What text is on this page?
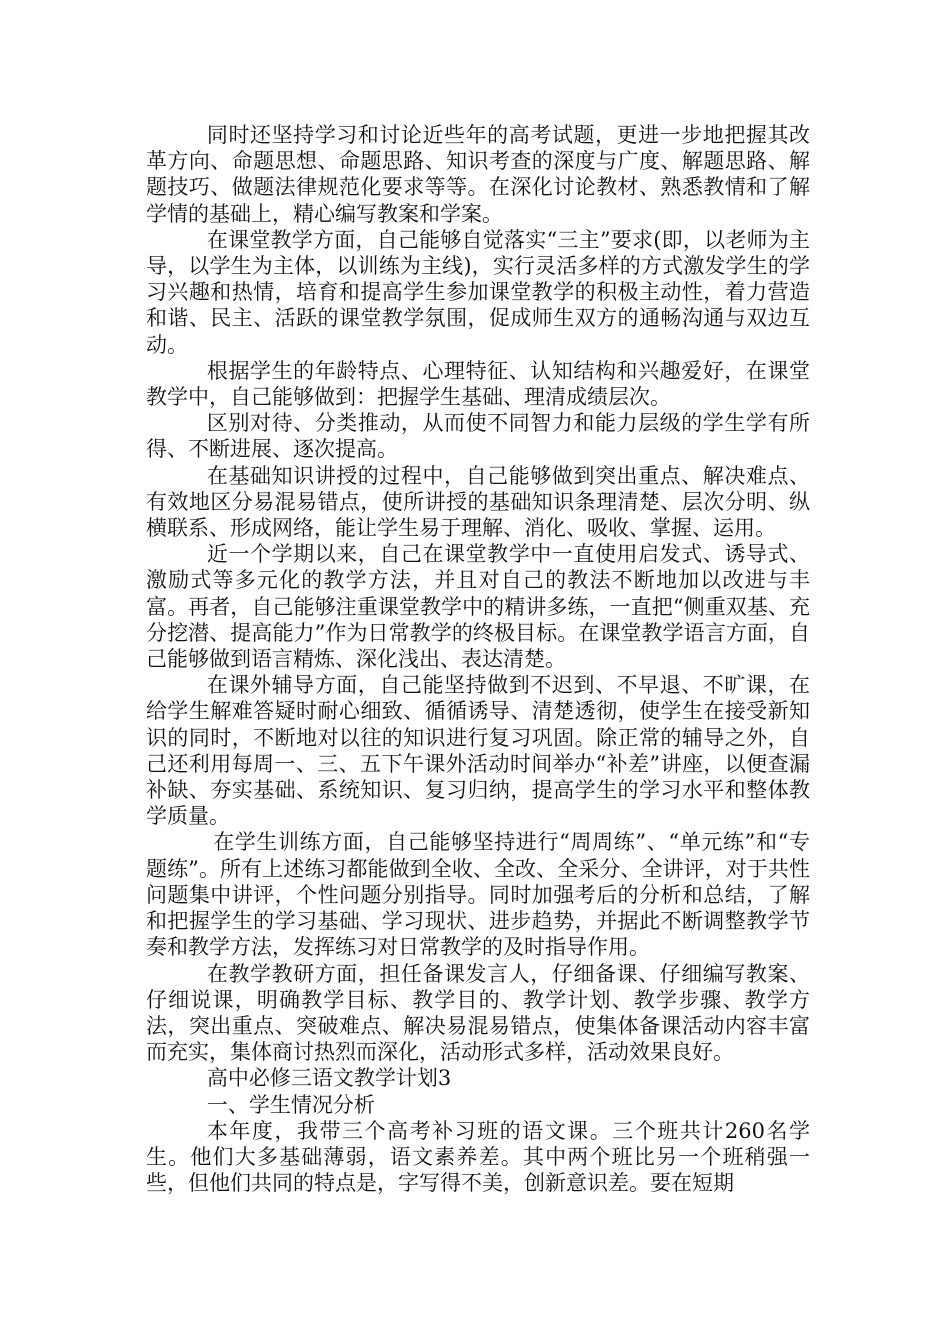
同时还坚持学习和讨论近些年的高考试题，更进一步地把握其改革方向、命题思想、命题思路、知识考查的深度与广度、解题思路、解题技巧、做题法律规范化要求等等。在深化讨论教材、熟悉教情和了解学情的基础上，精心编写教案和学案。

在课堂教学方面，自己能够自觉落实“三主”要求(即，以老师为主导，以学生为主体，以训练为主线)，实行灵活多样的方式激发学生的学习兴趣和热情，培育和提高学生参加课堂教学的积极主动性，着力营造和谐、民主、活跃的课堂教学氛围，促成师生双方的通畅沟通与双边互动。

根据学生的年龄特点、心理特征、认知结构和兴趣爱好，在课堂教学中，自己能够做到：把握学生基础、理清成绩层次。

区别对待、分类推动，从而使不同智力和能力层级的学生学有所得、不断进展、逐次提高。

在基础知识讲授的过程中，自己能够做到突出重点、解决难点、有效地区分易混易错点，使所讲授的基础知识条理清楚、层次分明、纵横联系、形成网络，能让学生易于理解、消化、吸收、掌握、运用。

近一个学期以来，自己在课堂教学中一直使用启发式、诱导式、激励式等多元化的教学方法，并且对自己的教法不断地加以改进与丰富。再者，自己能够注重课堂教学中的精讲多练，一直把“侧重双基、充分挖潜、提高能力”作为日常教学的终极目标。在课堂教学语言方面，自己能够做到语言精炼、深化浅出、表达清楚。

在课外辅导方面，自己能坚持做到不迟到、不早退、不旷课，在给学生解难答疑时耐心细致、循循诱导、清楚透彻，使学生在接受新知识的同时，不断地对以往的知识进行复习巩固。除正常的辅导之外，自己还利用每周一、三、五下午课外活动时间举办“补差”讲座，以便查漏补缺、夯实基础、系统知识、复习归纳，提高学生的学习水平和整体教学质量。

在学生训练方面，自己能够坚持进行“周周练”、“单元练”和“专题练”。所有上述练习都能做到全收、全改、全采分、全讲评，对于共性问题集中讲评，个性问题分别指导。同时加强考后的分析和总结，了解和把握学生的学习基础、学习现状、进步趋势，并据此不断调整教学节奏和教学方法，发挥练习对日常教学的及时指导作用。

在教学教研方面，担任备课发言人，仔细备课、仔细编写教案、仔细说课，明确教学目标、教学目的、教学计划、教学步骤、教学方法，突出重点、突破难点、解决易混易错点，使集体备课活动内容丰富而充实，集体商讨热烈而深化，活动形式多样，活动效果良好。

高中必修三语文教学计划3

一、学生情况分析

本年度，我带三个高考补习班的语文课。三个班共计260名学生。他们大多基础薄弱，语文素养差。其中两个班比另一个班稍强一些，但他们共同的特点是，字写得不美，创新意识差。要在短期
